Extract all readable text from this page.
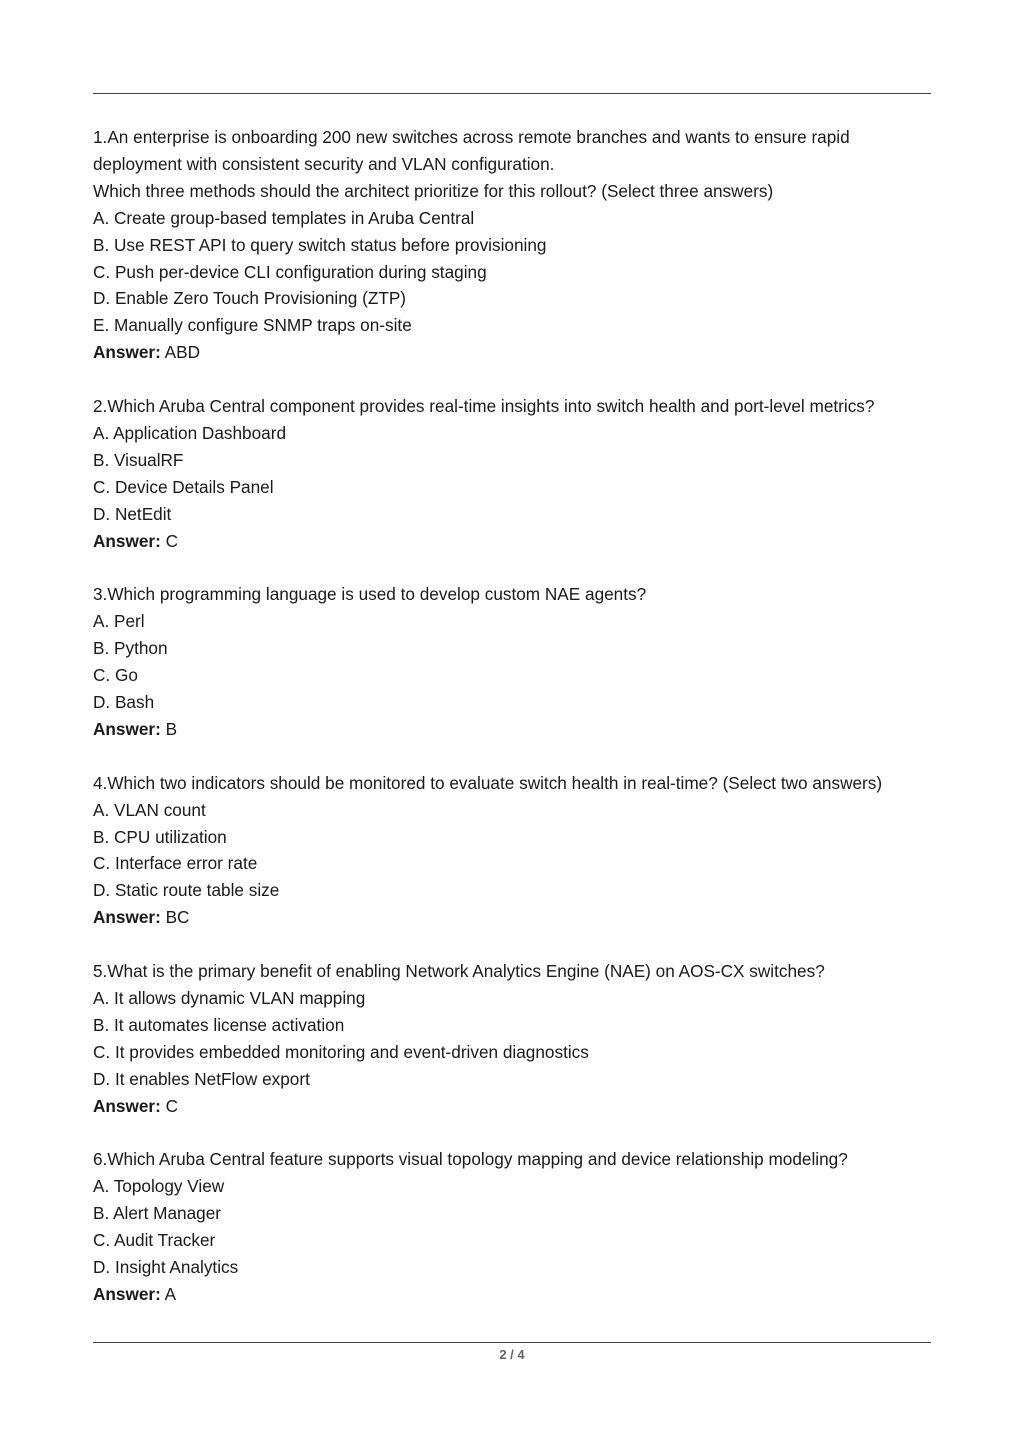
1.An enterprise is onboarding 200 new switches across remote branches and wants to ensure rapid
deployment with consistent security and VLAN configuration.
Which three methods should the architect prioritize for this rollout? (Select three answers)
A. Create group-based templates in Aruba Central
B. Use REST API to query switch status before provisioning
C. Push per-device CLI configuration during staging
D. Enable Zero Touch Provisioning (ZTP)
E. Manually configure SNMP traps on-site
Answer: ABD
2.Which Aruba Central component provides real-time insights into switch health and port-level metrics?
A. Application Dashboard
B. VisualRF
C. Device Details Panel
D. NetEdit
Answer: C
3.Which programming language is used to develop custom NAE agents?
A. Perl
B. Python
C. Go
D. Bash
Answer: B
4.Which two indicators should be monitored to evaluate switch health in real-time? (Select two answers)
A. VLAN count
B. CPU utilization
C. Interface error rate
D. Static route table size
Answer: BC
5.What is the primary benefit of enabling Network Analytics Engine (NAE) on AOS-CX switches?
A. It allows dynamic VLAN mapping
B. It automates license activation
C. It provides embedded monitoring and event-driven diagnostics
D. It enables NetFlow export
Answer: C
6.Which Aruba Central feature supports visual topology mapping and device relationship modeling?
A. Topology View
B. Alert Manager
C. Audit Tracker
D. Insight Analytics
Answer: A
2 / 4
